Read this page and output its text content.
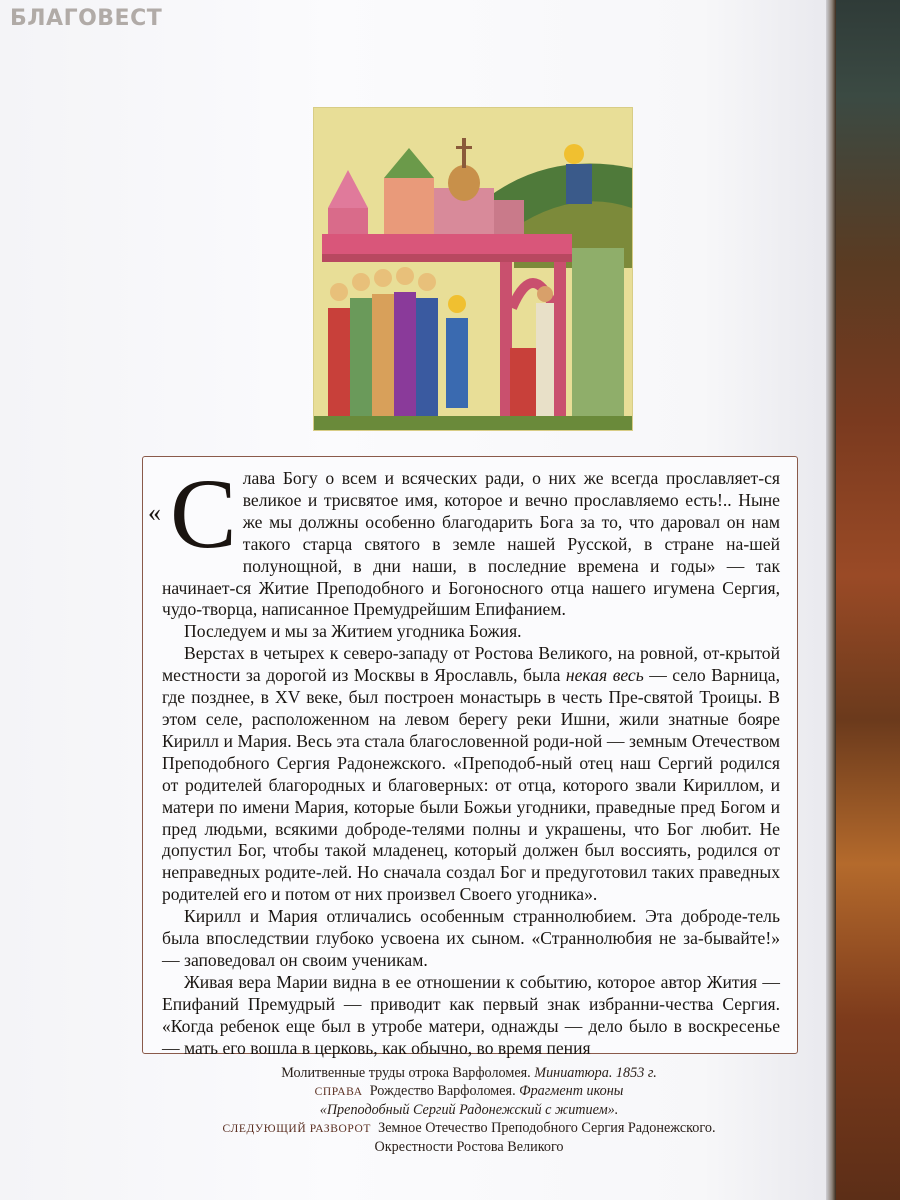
БЛАГОВЕСТ

« С лава Богу о всем и всяческих ради, о них же всегда прославляет-ся великое и трисвятое имя, которое и вечно прославляемо есть!.. Ныне же мы должны особенно благодарить Бога за то, что даровал он нам такого старца святого в земле нашей Русской, в стране на-шей полунощной, в дни наши, в последние времена и годы» — так начинает-ся Житие Преподобного и Богоносного отца нашего игумена Сергия, чудо-творца, написанное Премудрейшим Епифанием.

Последуем и мы за Житием угодника Божия.

Верстах в четырех к северо-западу от Ростова Великого, на ровной, от-крытой местности за дорогой из Москвы в Ярославль, была некая весь — село Варница, где позднее, в XV веке, был построен монастырь в честь Пре-святой Троицы. В этом селе, расположенном на левом берегу реки Ишни, жили знатные бояре Кирилл и Мария. Весь эта стала благословенной роди-ной — земным Отечеством Преподобного Сергия Радонежского. «Преподоб-ный отец наш Сергий родился от родителей благородных и благоверных: от отца, которого звали Кириллом, и матери по имени Мария, которые были Божьи угодники, праведные пред Богом и пред людьми, всякими доброде-телями полны и украшены, что Бог любит. Не допустил Бог, чтобы такой младенец, который должен был воссиять, родился от неправедных родите-лей. Но сначала создал Бог и предуготовил таких праведных родителей его и потом от них произвел Своего угодника».

Кирилл и Мария отличались особенным страннолюбием. Эта доброде-тель была впоследствии глубоко усвоена их сыном. «Страннолюбия не за-бывайте!» — заповедовал он своим ученикам.

Живая вера Марии видна в ее отношении к событию, которое автор Жития — Епифаний Премудрый — приводит как первый знак избранни-чества Сергия. «Когда ребенок еще был в утробе матери, однажды — дело было в воскресенье — мать его вошла в церковь, как обычно, во время пения

Молитвенные труды отрока Варфоломея. Миниатюра. 1853 г.
СПРАВА Рождество Варфоломея. Фрагмент иконы
«Преподобный Сергий Радонежский с житием».
СЛЕДУЮЩИЙ РАЗВОРОТ Земное Отечество Преподобного Сергия Радонежского.
Окрестности Ростова Великого
